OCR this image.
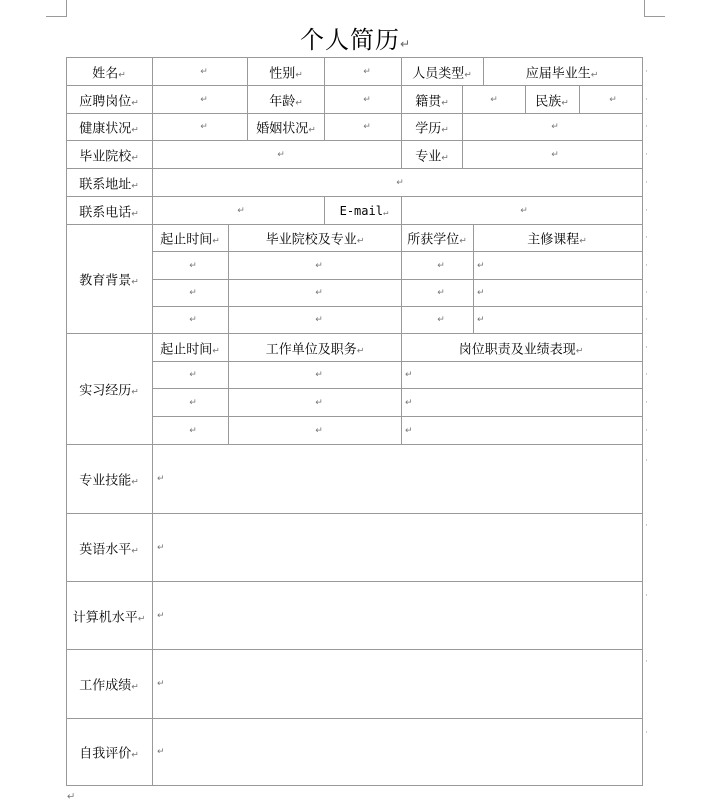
个人简历↵
姓名↵	↵	性别↵	↵	人员类型↵	应届毕业生↵
应聘岗位↵	↵	年龄↵	↵	籍贯↵	↵	民族↵	↵
健康状况↵	↵	婚姻状况↵	↵	学历↵	↵
毕业院校↵	↵	专业↵	↵
联系地址↵	↵
联系电话↵	↵	E-mail↵	↵
教育背景↵
起止时间↵	毕业院校及专业↵	所获学位↵	主修课程↵
↵	↵	↵	↵
↵	↵	↵	↵
↵	↵	↵	↵
实习经历↵
起止时间↵	工作单位及职务↵	岗位职责及业绩表现↵
↵	↵	↵
↵	↵	↵
↵	↵	↵
专业技能↵ ↵
英语水平↵ ↵
计算机水平↵ ↵
工作成绩↵ ↵
自我评价↵ ↵
·
·
·
·
·
·
·
·
·
·
·
·
·
·
·
·
·
·
·
↵
